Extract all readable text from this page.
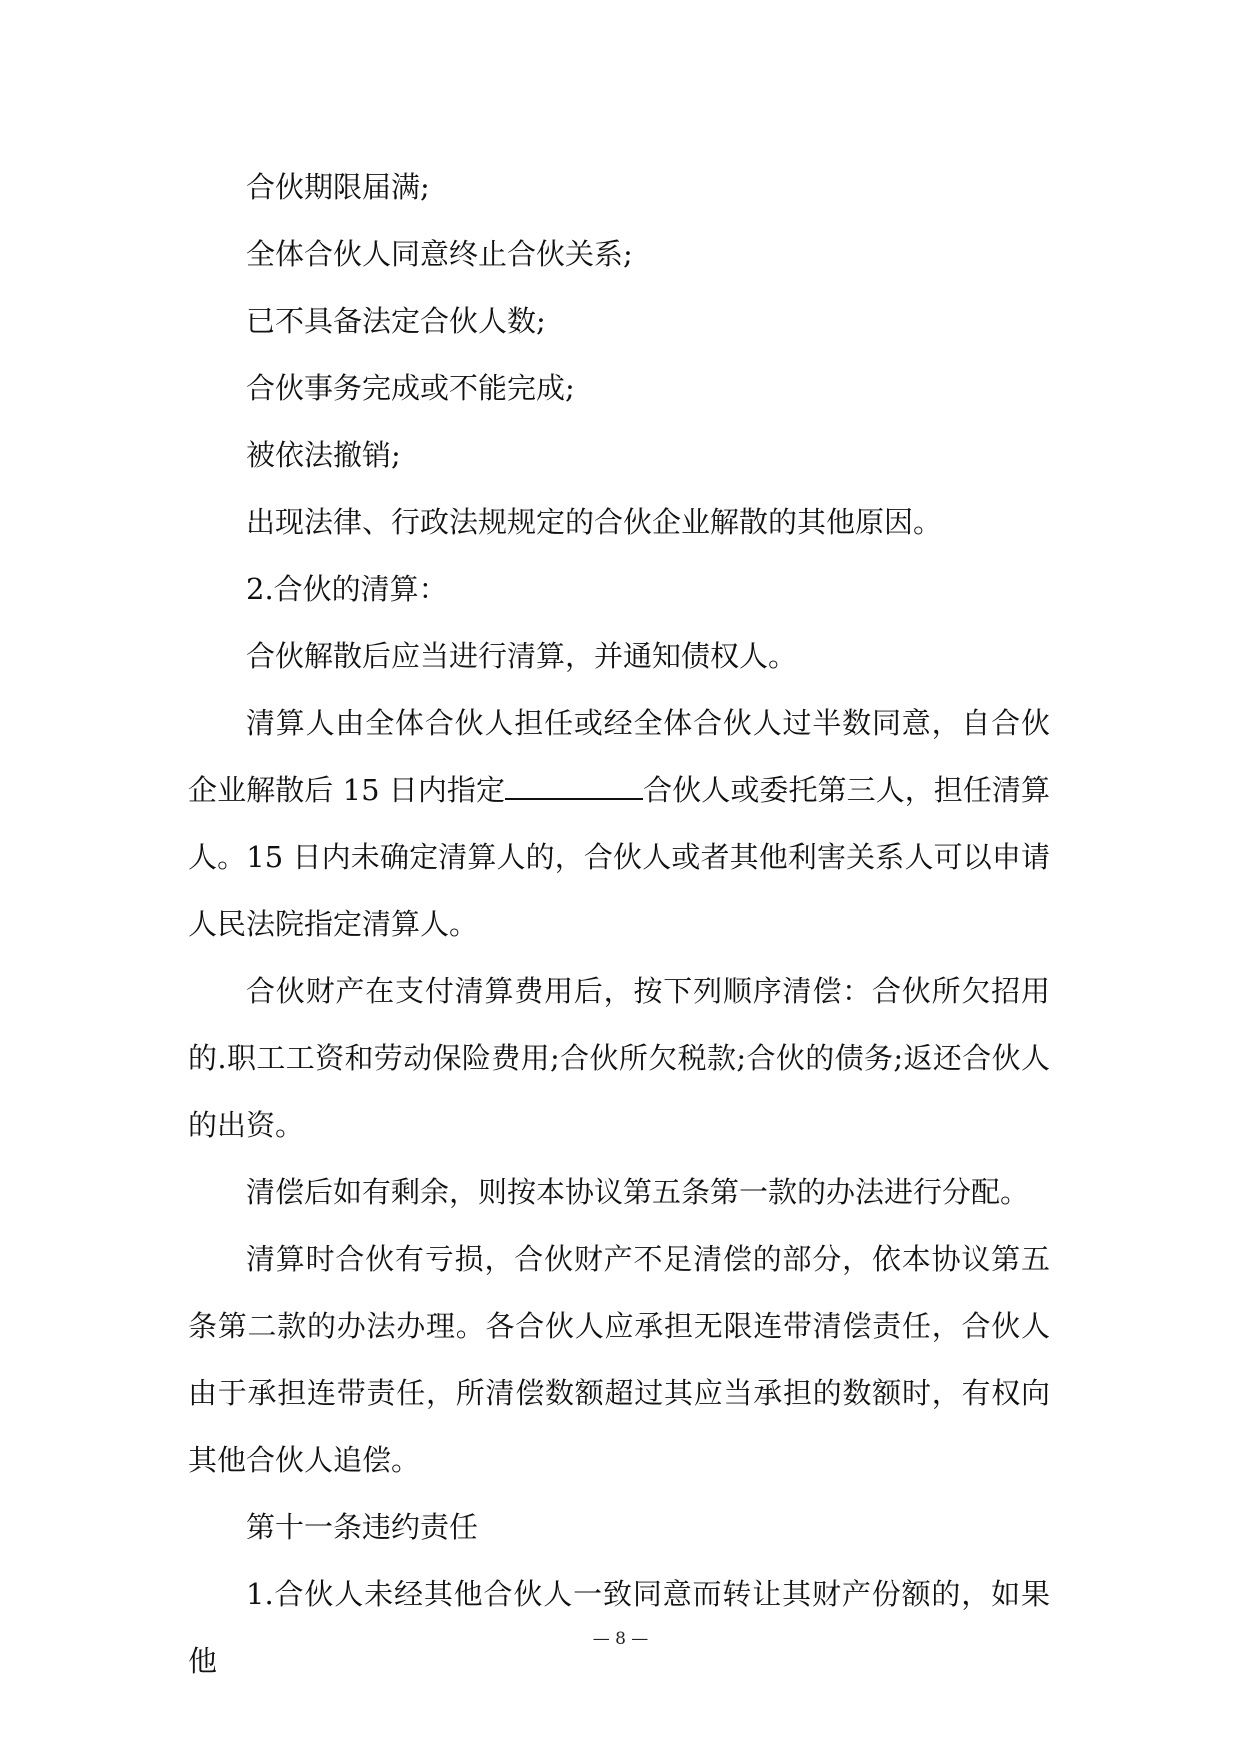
合伙期限届满;

全体合伙人同意终止合伙关系;

已不具备法定合伙人数;

合伙事务完成或不能完成;

被依法撤销;

出现法律、行政法规规定的合伙企业解散的其他原因。

2.合伙的清算：

合伙解散后应当进行清算，并通知债权人。

清算人由全体合伙人担任或经全体合伙人过半数同意，自合伙企业解散后 15 日内指定	合伙人或委托第三人，担任清算人。15 日内未确定清算人的，合伙人或者其他利害关系人可以申请人民法院指定清算人。

合伙财产在支付清算费用后，按下列顺序清偿：合伙所欠招用的.职工工资和劳动保险费用;合伙所欠税款;合伙的债务;返还合伙人的出资。

清偿后如有剩余，则按本协议第五条第一款的办法进行分配。

清算时合伙有亏损，合伙财产不足清偿的部分，依本协议第五条第二款的办法办理。各合伙人应承担无限连带清偿责任，合伙人由于承担连带责任，所清偿数额超过其应当承担的数额时，有权向其他合伙人追偿。

第十一条违约责任

1.合伙人未经其他合伙人一致同意而转让其财产份额的，如果他

— 8 —
